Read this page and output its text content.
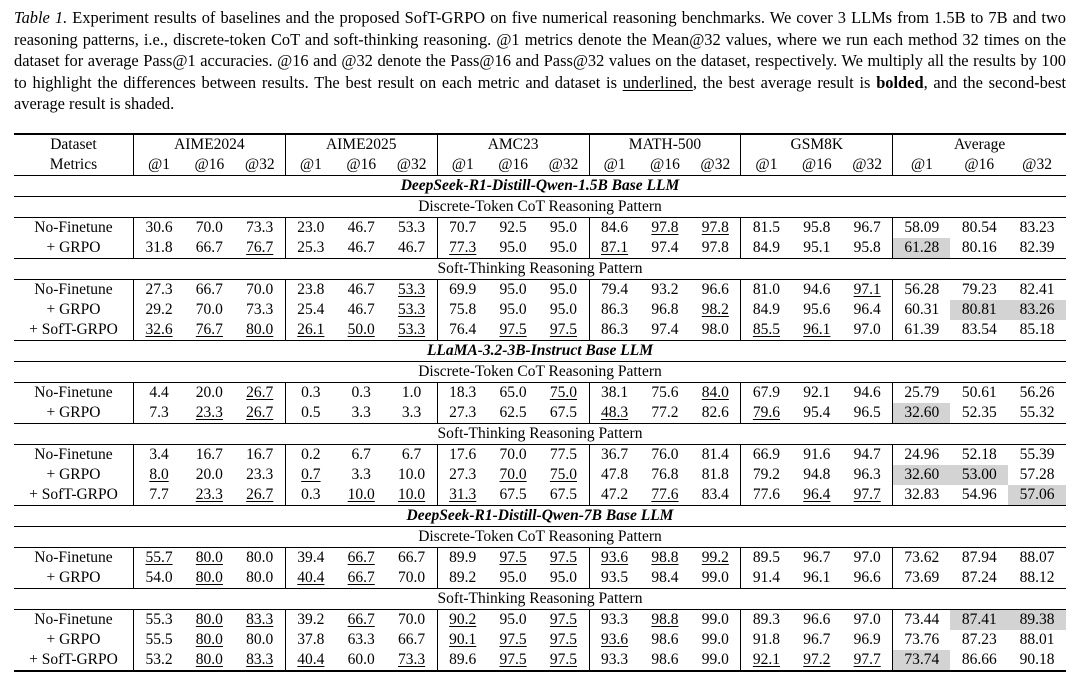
Table 1. Experiment results of baselines and the proposed SofT-GRPO on five numerical reasoning benchmarks. We cover 3 LLMs from 1.5B to 7B and two reasoning patterns, i.e., discrete-token CoT and soft-thinking reasoning. @1 metrics denote the Mean@32 values, where we run each method 32 times on the dataset for average Pass@1 accuracies. @16 and @32 denote the Pass@16 and Pass@32 values on the dataset, respectively. We multiply all the results by 100 to highlight the differences between results. The best result on each metric and dataset is underlined, the best average result is bolded, and the second-best average result is shaded.
Dataset	AIME2024			AIME2025			AMC23			MATH-500			GSM8K			Average		
Metrics	@1	@16	@32	@1	@16	@32	@1	@16	@32	@1	@16	@32	@1	@16	@32	@1	@16	@32
DeepSeek-R1-Distill-Qwen-1.5B Base LLM																		
Discrete-Token CoT Reasoning Pattern																		
No-Finetune	30.6	70.0	73.3	23.0	46.7	53.3	70.7	92.5	95.0	84.6	97.8	97.8	81.5	95.8	96.7	58.09	80.54	83.23
+ GRPO	31.8	66.7	76.7	25.3	46.7	46.7	77.3	95.0	95.0	87.1	97.4	97.8	84.9	95.1	95.8	61.28	80.16	82.39
Soft-Thinking Reasoning Pattern																		
No-Finetune	27.3	66.7	70.0	23.8	46.7	53.3	69.9	95.0	95.0	79.4	93.2	96.6	81.0	94.6	97.1	56.28	79.23	82.41
+ GRPO	29.2	70.0	73.3	25.4	46.7	53.3	75.8	95.0	95.0	86.3	96.8	98.2	84.9	95.6	96.4	60.31	80.81	83.26
+ SofT-GRPO	32.6	76.7	80.0	26.1	50.0	53.3	76.4	97.5	97.5	86.3	97.4	98.0	85.5	96.1	97.0	61.39	83.54	85.18
LLaMA-3.2-3B-Instruct Base LLM																		
Discrete-Token CoT Reasoning Pattern																		
No-Finetune	4.4	20.0	26.7	0.3	0.3	1.0	18.3	65.0	75.0	38.1	75.6	84.0	67.9	92.1	94.6	25.79	50.61	56.26
+ GRPO	7.3	23.3	26.7	0.5	3.3	3.3	27.3	62.5	67.5	48.3	77.2	82.6	79.6	95.4	96.5	32.60	52.35	55.32
Soft-Thinking Reasoning Pattern																		
No-Finetune	3.4	16.7	16.7	0.2	6.7	6.7	17.6	70.0	77.5	36.7	76.0	81.4	66.9	91.6	94.7	24.96	52.18	55.39
+ GRPO	8.0	20.0	23.3	0.7	3.3	10.0	27.3	70.0	75.0	47.8	76.8	81.8	79.2	94.8	96.3	32.60	53.00	57.28
+ SofT-GRPO	7.7	23.3	26.7	0.3	10.0	10.0	31.3	67.5	67.5	47.2	77.6	83.4	77.6	96.4	97.7	32.83	54.96	57.06
DeepSeek-R1-Distill-Qwen-7B Base LLM																		
Discrete-Token CoT Reasoning Pattern																		
No-Finetune	55.7	80.0	80.0	39.4	66.7	66.7	89.9	97.5	97.5	93.6	98.8	99.2	89.5	96.7	97.0	73.62	87.94	88.07
+ GRPO	54.0	80.0	80.0	40.4	66.7	70.0	89.2	95.0	95.0	93.5	98.4	99.0	91.4	96.1	96.6	73.69	87.24	88.12
Soft-Thinking Reasoning Pattern																		
No-Finetune	55.3	80.0	83.3	39.2	66.7	70.0	90.2	95.0	97.5	93.3	98.8	99.0	89.3	96.6	97.0	73.44	87.41	89.38
+ GRPO	55.5	80.0	80.0	37.8	63.3	66.7	90.1	97.5	97.5	93.6	98.6	99.0	91.8	96.7	96.9	73.76	87.23	88.01
+ SofT-GRPO	53.2	80.0	83.3	40.4	60.0	73.3	89.6	97.5	97.5	93.3	98.6	99.0	92.1	97.2	97.7	73.74	86.66	90.18
